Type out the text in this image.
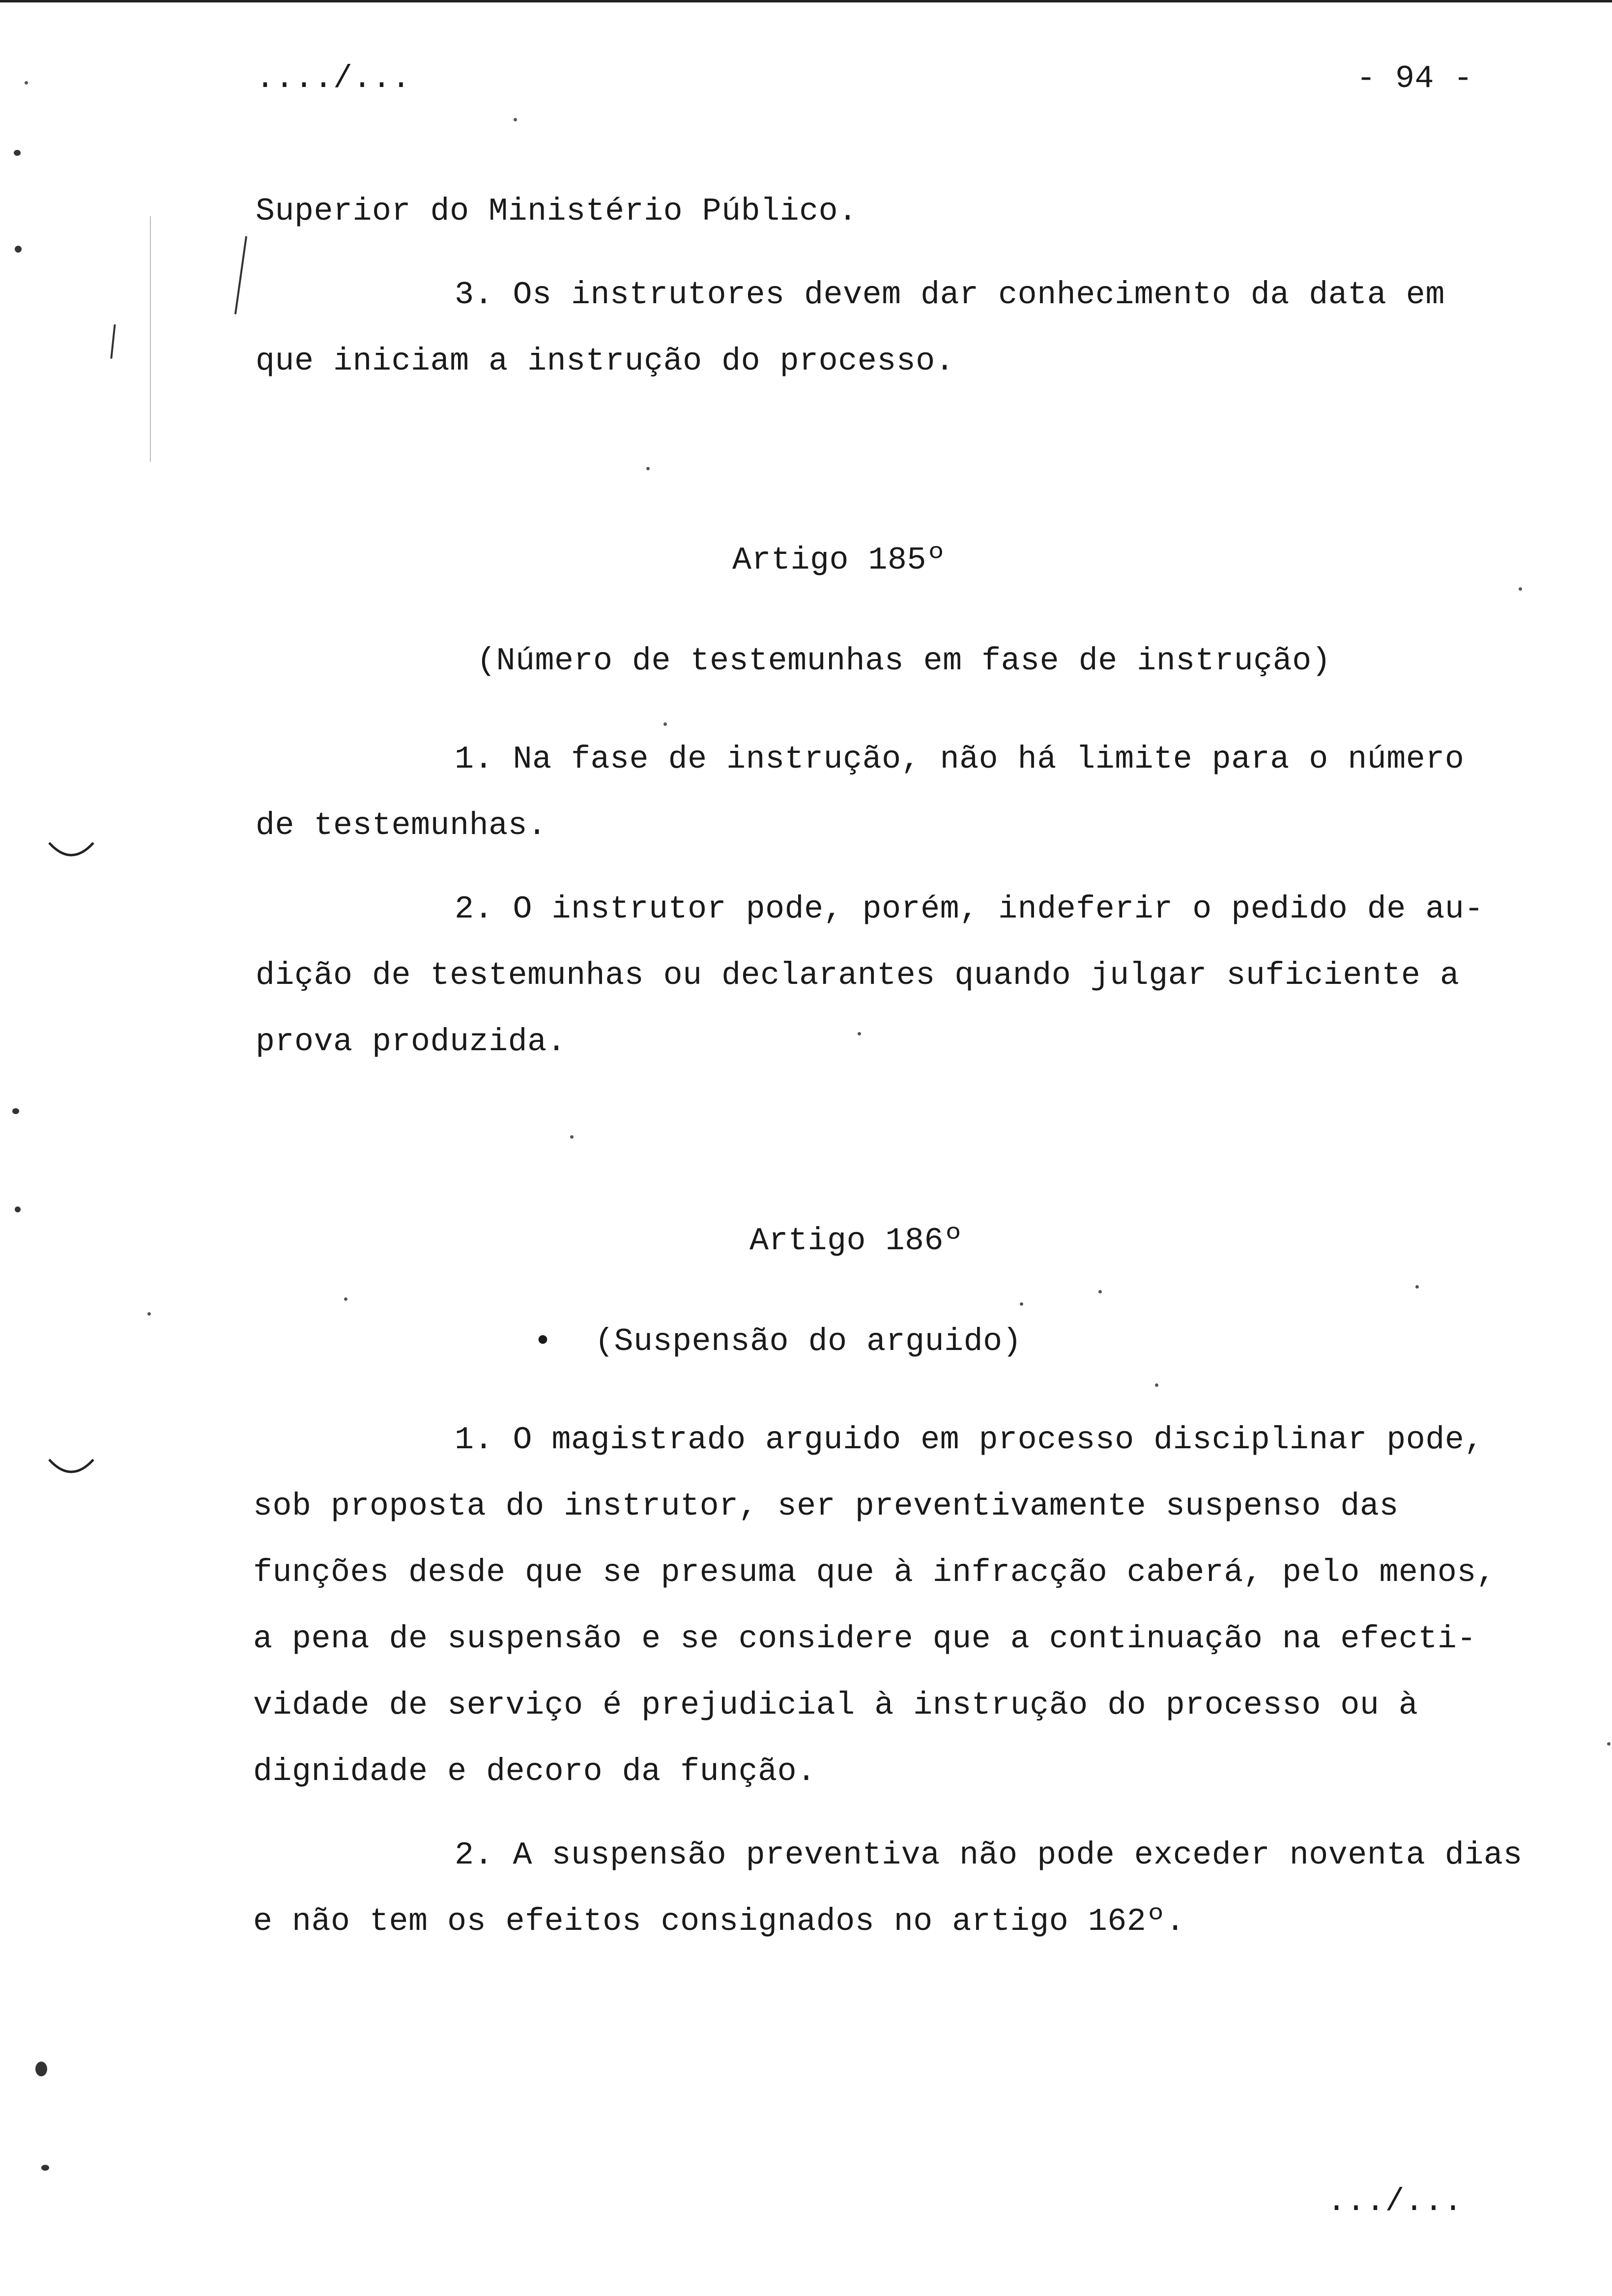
..../...	- 94 -
Superior do Ministério Público.
3. Os instrutores devem dar conhecimento da data em
que iniciam a instrução do processo.
Artigo 185º
(Número de testemunhas em fase de instrução)
1. Na fase de instrução, não há limite para o número
de testemunhas.
2. O instrutor pode, porém, indeferir o pedido de au-
dição de testemunhas ou declarantes quando julgar suficiente a
prova produzida.
Artigo 186º
• (Suspensão do arguido)
1. O magistrado arguido em processo disciplinar pode,
sob proposta do instrutor, ser preventivamente suspenso das
funções desde que se presuma que à infracção caberá, pelo menos,
a pena de suspensão e se considere que a continuação na efecti-
vidade de serviço é prejudicial à instrução do processo ou à
dignidade e decoro da função.
2. A suspensão preventiva não pode exceder noventa dias
e não tem os efeitos consignados no artigo 162º.
.../...
